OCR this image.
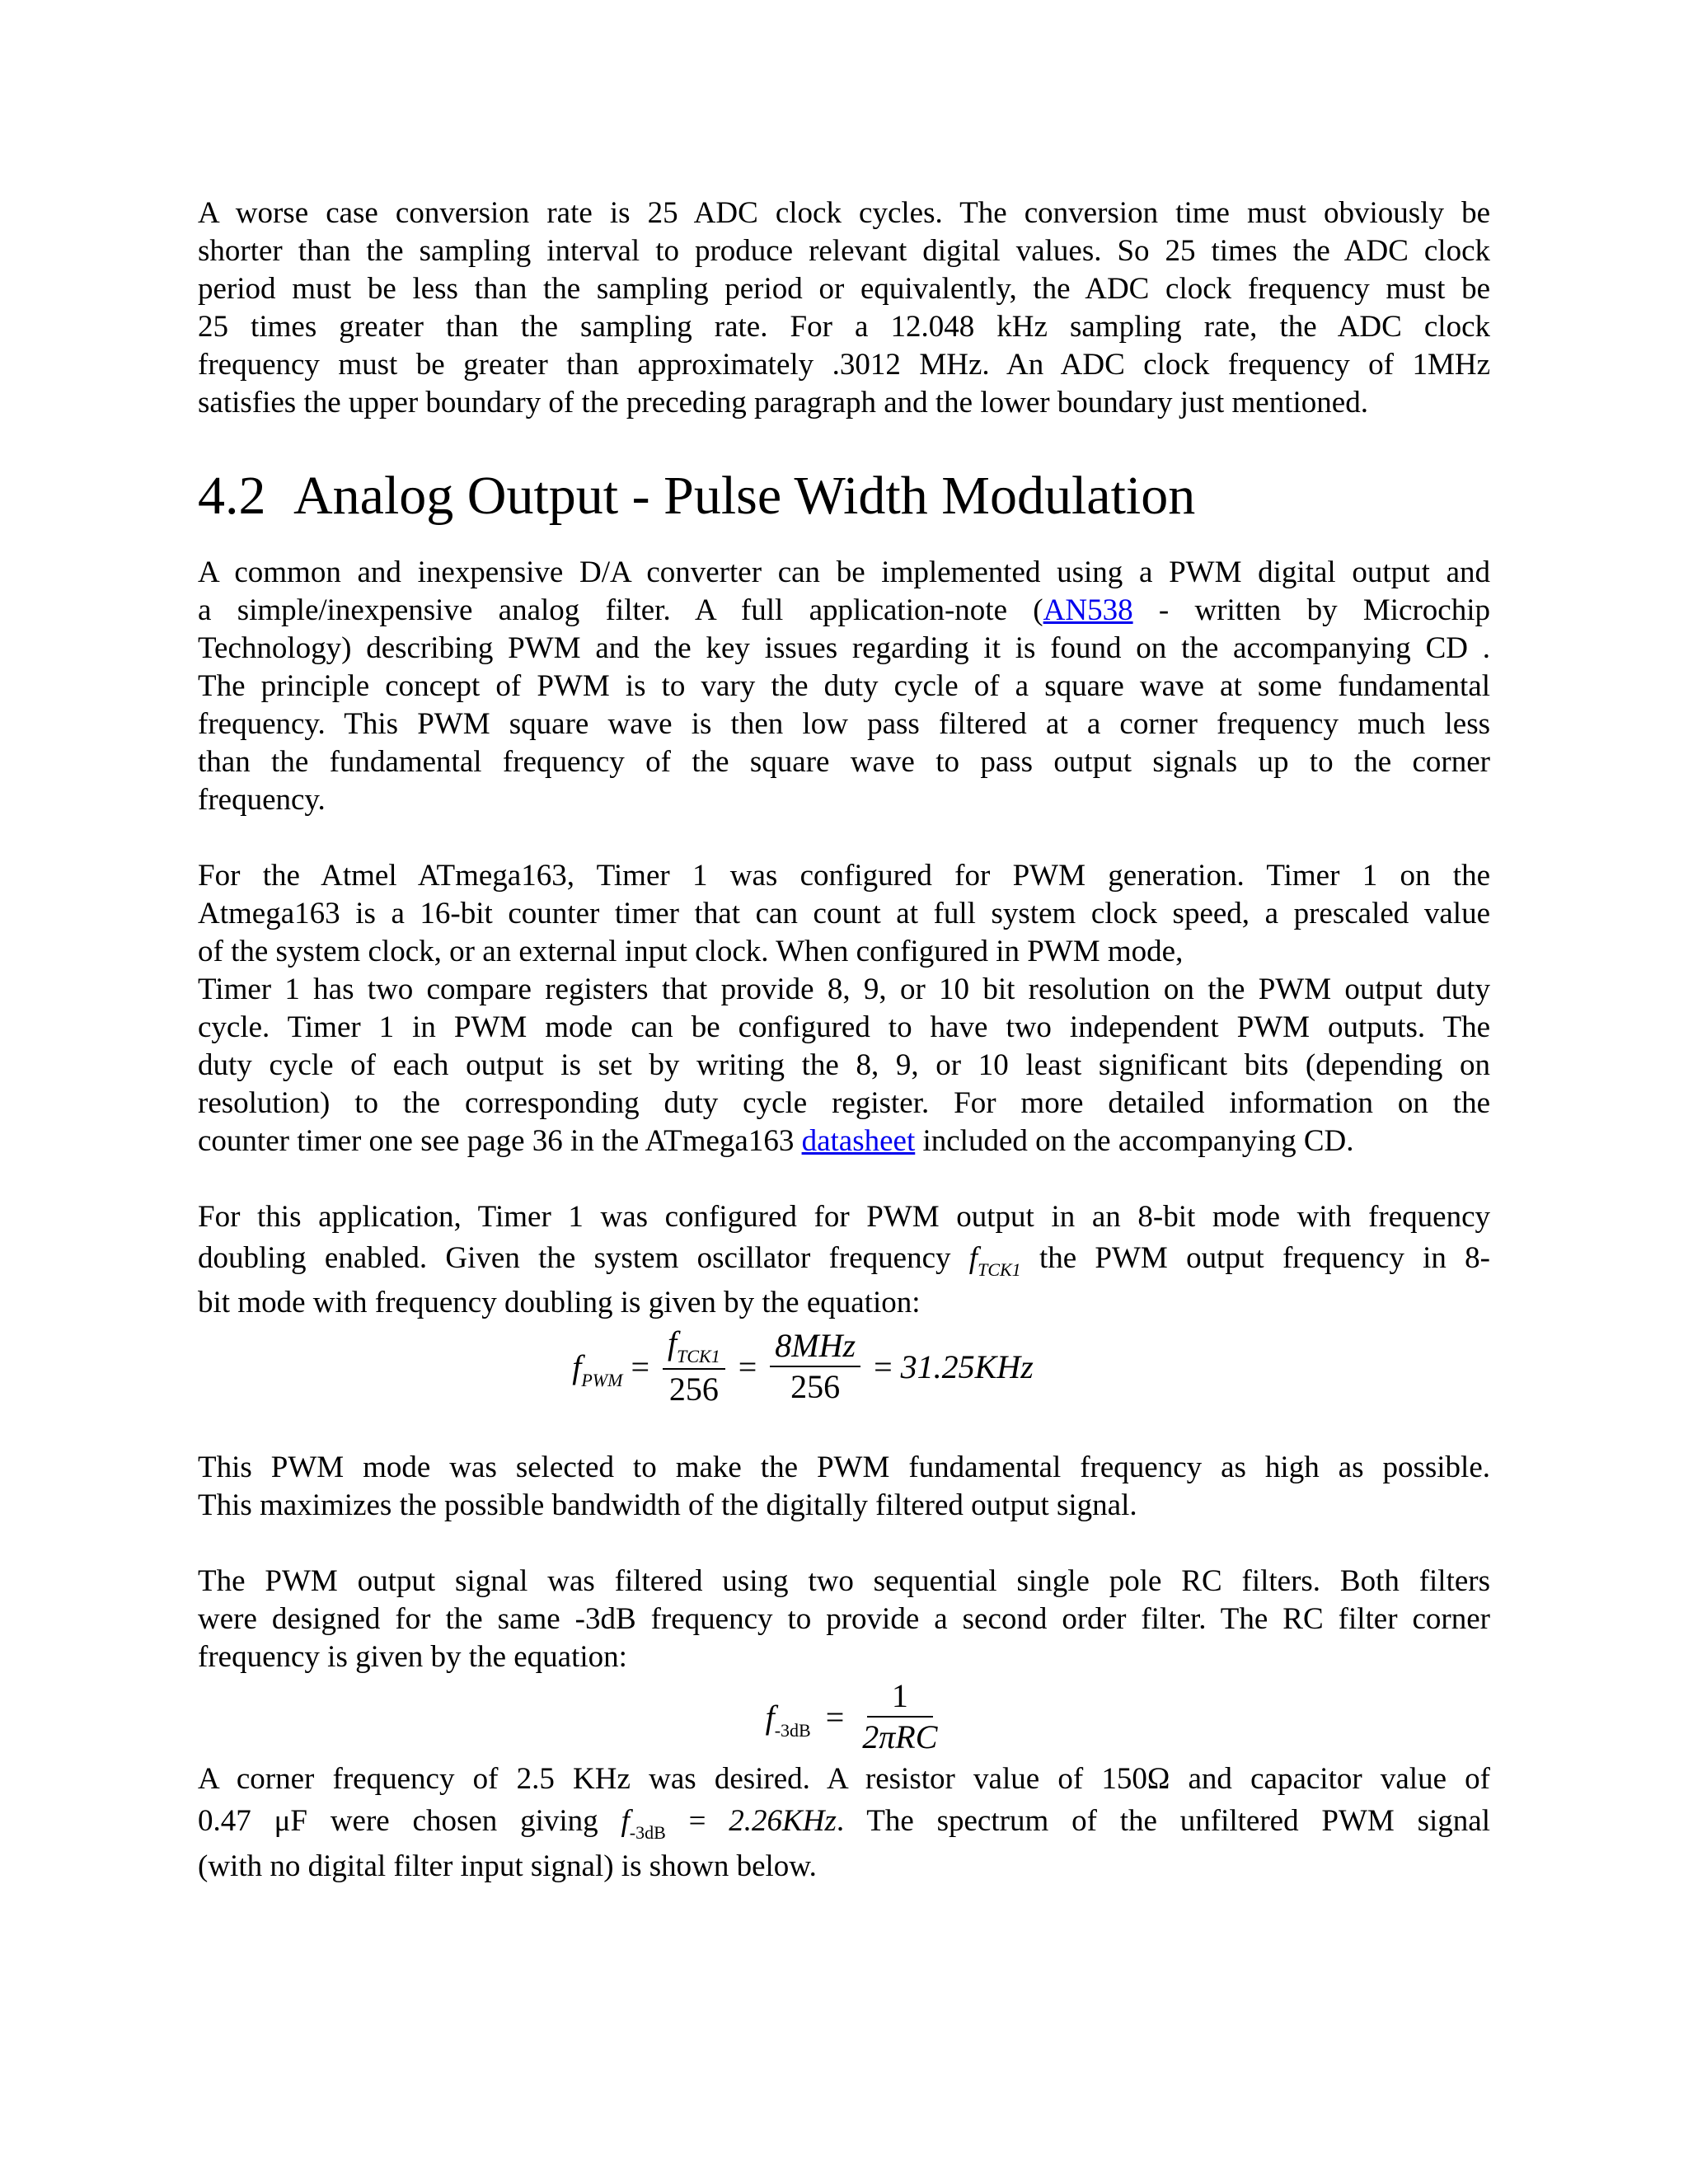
A worse case conversion rate is 25 ADC clock cycles. The conversion time must obviously be
shorter than the sampling interval to produce relevant digital values. So 25 times the ADC clock
period must be less than the sampling period or equivalently, the ADC clock frequency must be
25 times greater than the sampling rate. For a 12.048 kHz sampling rate, the ADC clock
frequency must be greater than approximately .3012 MHz. An ADC clock frequency of 1MHz
satisfies the upper boundary of the preceding paragraph and the lower boundary just mentioned.

4.2 Analog Output - Pulse Width Modulation

A common and inexpensive D/A converter can be implemented using a PWM digital output and
a simple/inexpensive analog filter. A full application-note (AN538 - written by Microchip
Technology) describing PWM and the key issues regarding it is found on the accompanying CD .
The principle concept of PWM is to vary the duty cycle of a square wave at some fundamental
frequency. This PWM square wave is then low pass filtered at a corner frequency much less
than the fundamental frequency of the square wave to pass output signals up to the corner
frequency.

For the Atmel ATmega163, Timer 1 was configured for PWM generation. Timer 1 on the
Atmega163 is a 16-bit counter timer that can count at full system clock speed, a prescaled value
of the system clock, or an external input clock. When configured in PWM mode,
Timer 1 has two compare registers that provide 8, 9, or 10 bit resolution on the PWM output duty
cycle. Timer 1 in PWM mode can be configured to have two independent PWM outputs. The
duty cycle of each output is set by writing the 8, 9, or 10 least significant bits (depending on
resolution) to the corresponding duty cycle register. For more detailed information on the
counter timer one see page 36 in the ATmega163 datasheet included on the accompanying CD.

For this application, Timer 1 was configured for PWM output in an 8-bit mode with frequency
doubling enabled. Given the system oscillator frequency $f_{TCK1}$ the PWM output frequency in 8-
bit mode with frequency doubling is given by the equation:

$f_{PWM} = \frac{f_{TCK1}}{256} = \frac{\text{8MHz}}{256} = 31.25KHz$

This PWM mode was selected to make the PWM fundamental frequency as high as possible.
This maximizes the possible bandwidth of the digitally filtered output signal.

The PWM output signal was filtered using two sequential single pole RC filters. Both filters
were designed for the same -3dB frequency to provide a second order filter. The RC filter corner
frequency is given by the equation:

$f_{-3dB} = \frac{1}{\text{2πRC}}$

A corner frequency of 2.5 KHz was desired. A resistor value of 150Ω and capacitor value of
0.47 μF were chosen giving $f_{-3dB} = 2.26KHz$. The spectrum of the unfiltered PWM signal
(with no digital filter input signal) is shown below.
